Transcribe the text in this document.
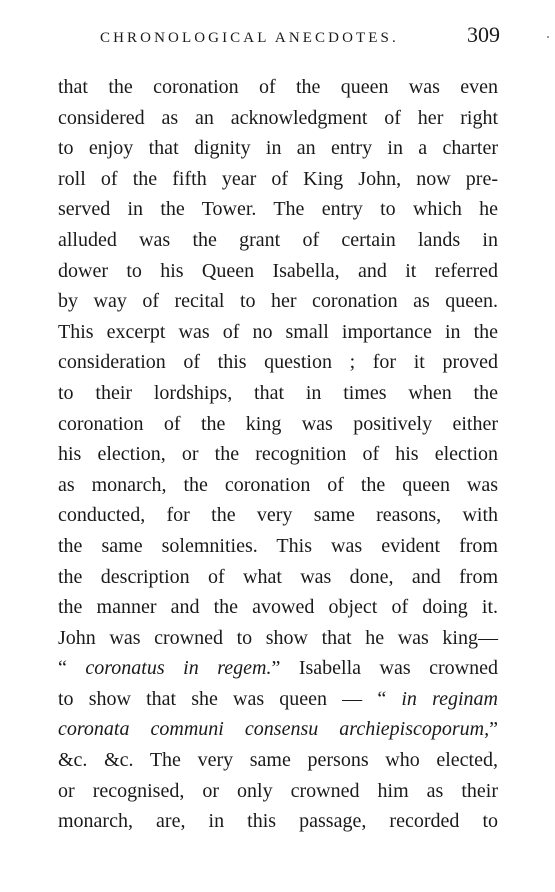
CHRONOLOGICAL ANECDOTES.	309
that the coronation of the queen was even
considered as an acknowledgment of her right
to enjoy that dignity in an entry in a charter
roll of the fifth year of King John, now pre-
served in the Tower. The entry to which he
alluded was the grant of certain lands in
dower to his Queen Isabella, and it referred
by way of recital to her coronation as queen.
This excerpt was of no small importance in the
consideration of this question ; for it proved
to their lordships, that in times when the
coronation of the king was positively either
his election, or the recognition of his election
as monarch, the coronation of the queen was
conducted, for the very same reasons, with
the same solemnities. This was evident from
the description of what was done, and from
the manner and the avowed object of doing it.
John was crowned to show that he was king—
“ coronatus in regem.” Isabella was crowned
to show that she was queen — “ in reginam
coronata communi consensu archiepiscoporum,”
&c. &c. The very same persons who elected,
or recognised, or only crowned him as their
monarch, are, in this passage, recorded to
